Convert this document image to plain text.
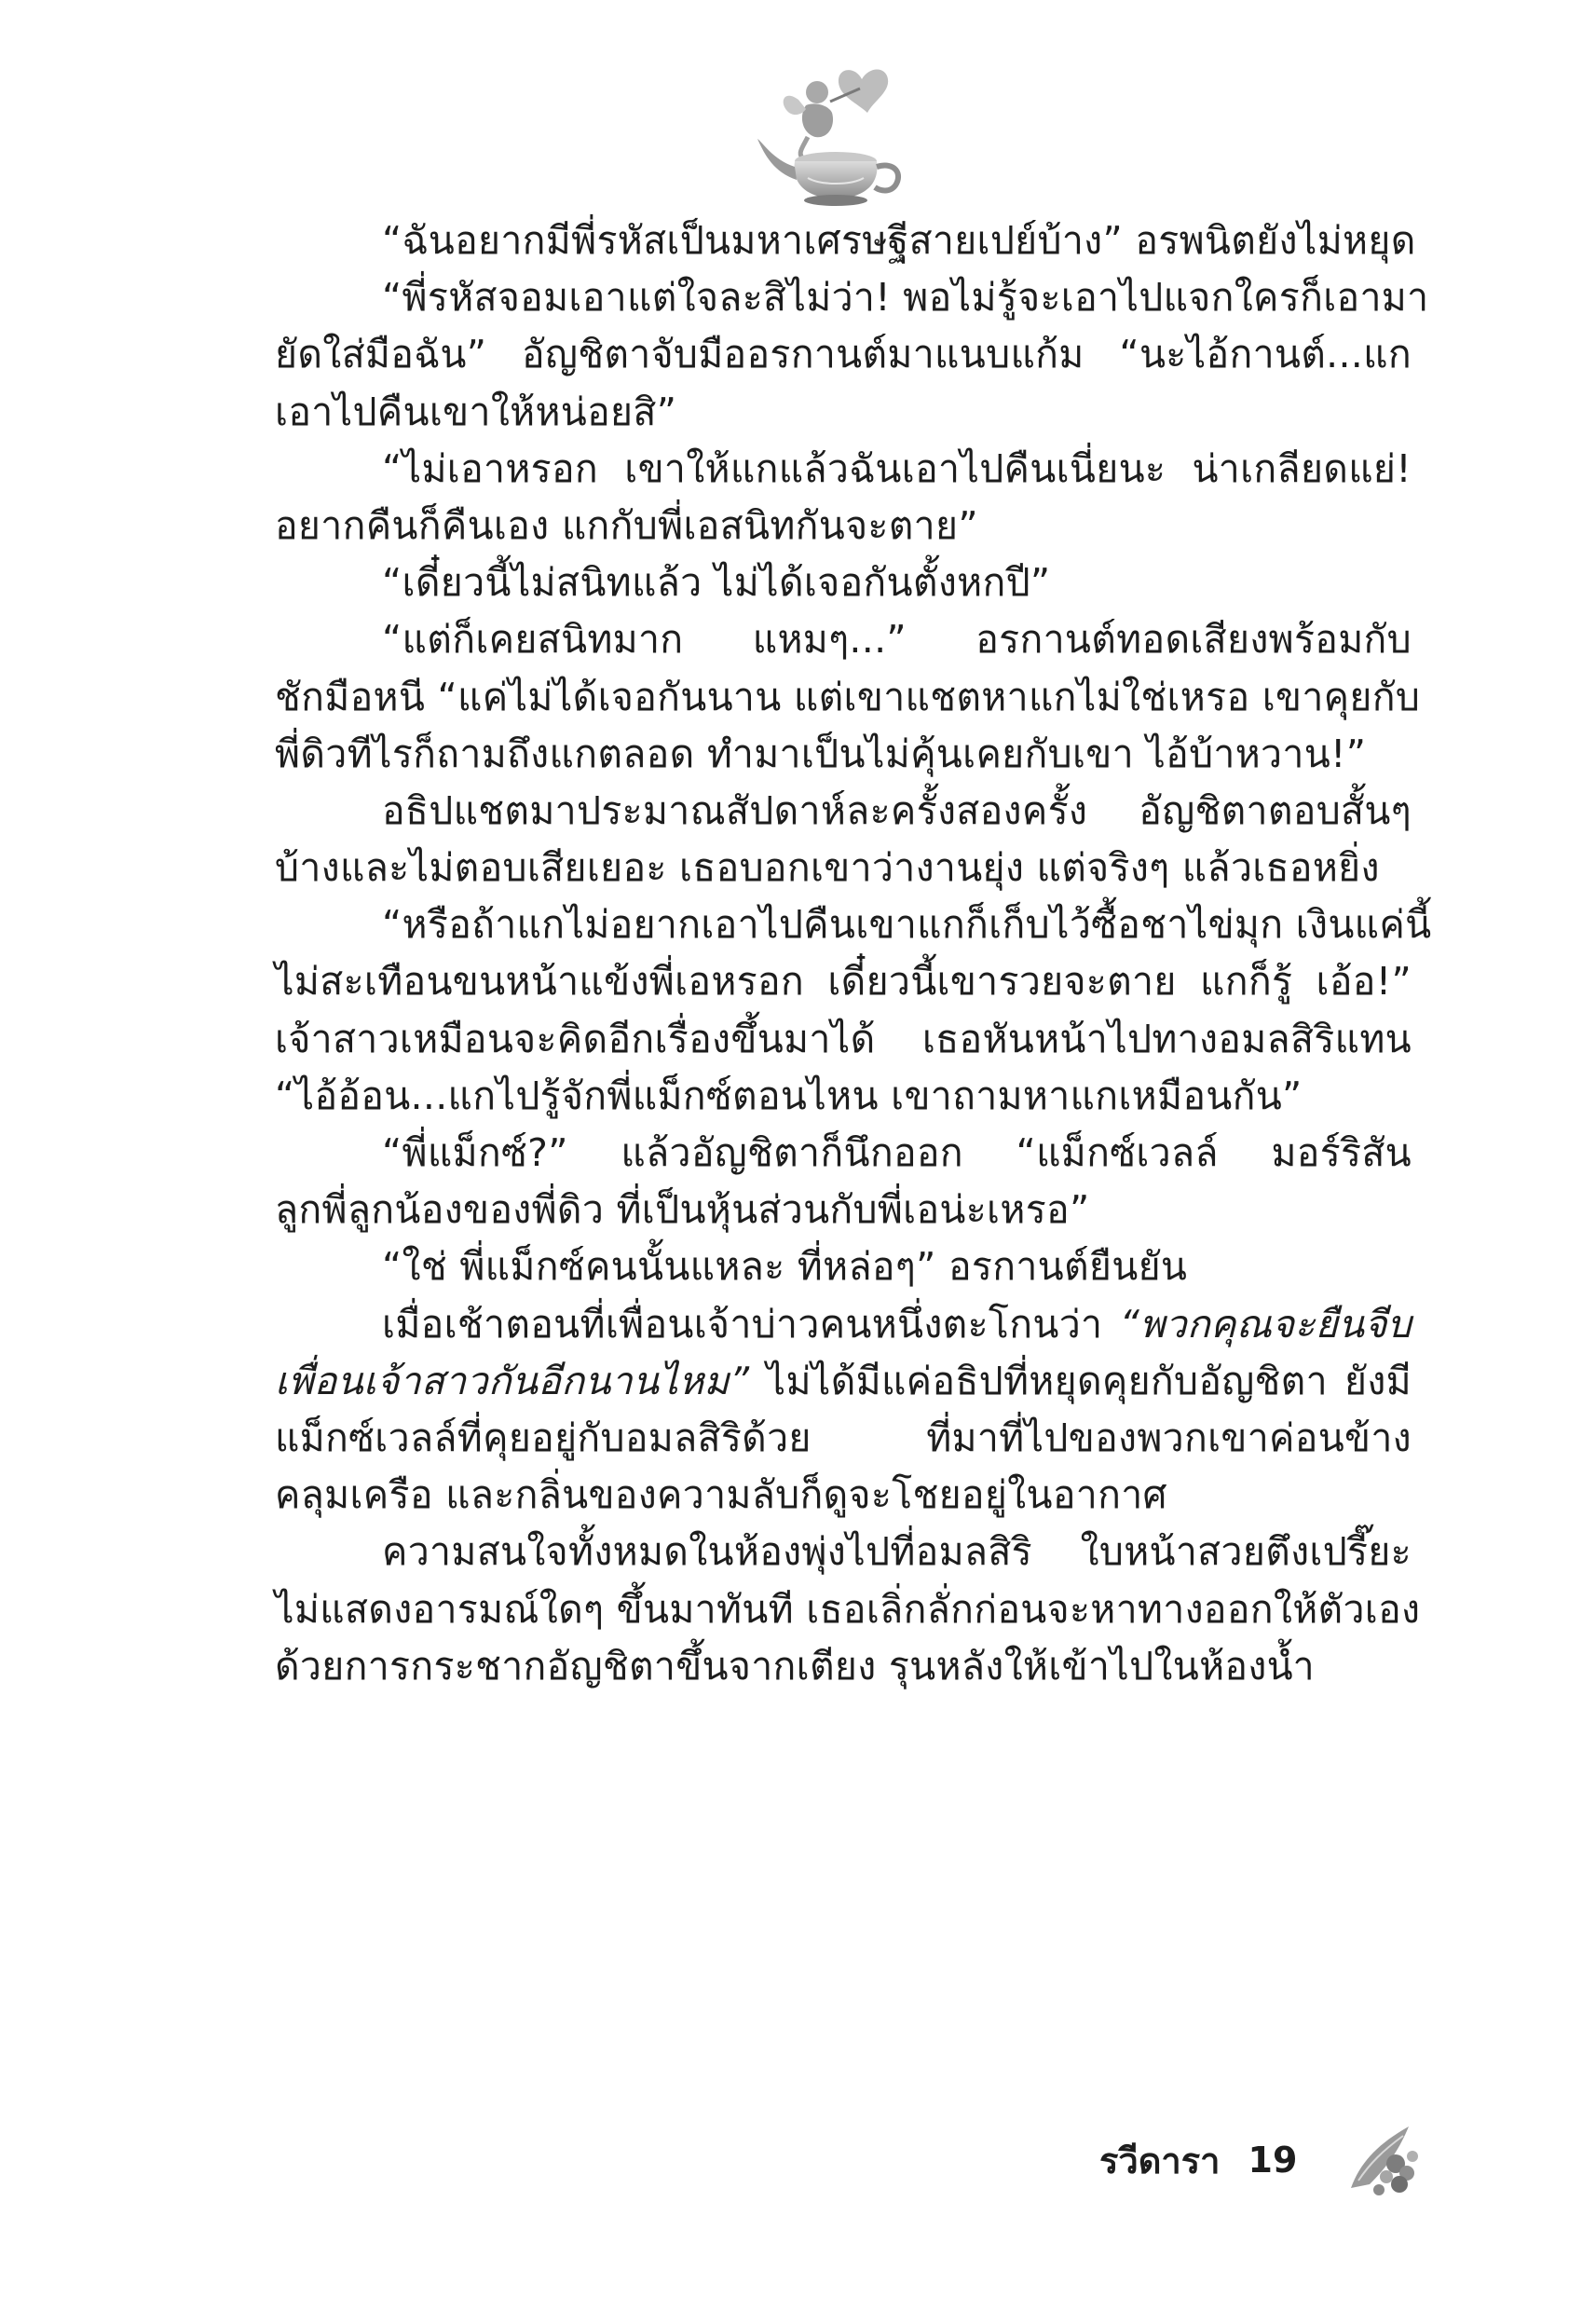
“ฉันอยากมีพี่รหัสเป็นมหาเศรษฐีสายเปย์บ้าง” อรพนิตยังไม่หยุด
“พี่รหัสจอมเอาแต่ใจละสิไม่ว่า! พอไม่รู้จะเอาไปแจกใครก็เอามา
ยัดใส่มือฉัน” อัญชิตาจับมืออรกานต์มาแนบแก้ม “นะไอ้กานต์...แก
เอาไปคืนเขาให้หน่อยสิ”
“ไม่เอาหรอก เขาให้แกแล้วฉันเอาไปคืนเนี่ยนะ น่าเกลียดแย่!
อยากคืนก็คืนเอง แกกับพี่เอสนิทกันจะตาย”
“เดี๋ยวนี้ไม่สนิทแล้ว ไม่ได้เจอกันตั้งหกปี”
“แต่ก็เคยสนิทมาก แหมๆ...” อรกานต์ทอดเสียงพร้อมกับ
ชักมือหนี “แค่ไม่ได้เจอกันนาน แต่เขาแชตหาแกไม่ใช่เหรอ เขาคุยกับ
พี่ดิวทีไรก็ถามถึงแกตลอด ทำมาเป็นไม่คุ้นเคยกับเขา ไอ้บ้าหวาน!”
อธิปแชตมาประมาณสัปดาห์ละครั้งสองครั้ง อัญชิตาตอบสั้นๆ
บ้างและไม่ตอบเสียเยอะ เธอบอกเขาว่างานยุ่ง แต่จริงๆ แล้วเธอหยิ่ง
“หรือถ้าแกไม่อยากเอาไปคืนเขาแกก็เก็บไว้ซื้อชาไข่มุก เงินแค่นี้
ไม่สะเทือนขนหน้าแข้งพี่เอหรอก เดี๋ยวนี้เขารวยจะตาย แกก็รู้ เอ้อ!”
เจ้าสาวเหมือนจะคิดอีกเรื่องขึ้นมาได้ เธอหันหน้าไปทางอมลสิริแทน
“ไอ้อ้อน...แกไปรู้จักพี่แม็กซ์ตอนไหน เขาถามหาแกเหมือนกัน”
“พี่แม็กซ์?” แล้วอัญชิตาก็นึกออก “แม็กซ์เวลล์ มอร์ริสัน
ลูกพี่ลูกน้องของพี่ดิว ที่เป็นหุ้นส่วนกับพี่เอน่ะเหรอ”
“ใช่ พี่แม็กซ์คนนั้นแหละ ที่หล่อๆ” อรกานต์ยืนยัน
เมื่อเช้าตอนที่เพื่อนเจ้าบ่าวคนหนึ่งตะโกนว่า “พวกคุณจะยืนจีบ
เพื่อนเจ้าสาวกันอีกนานไหม” ไม่ได้มีแค่อธิปที่หยุดคุยกับอัญชิตา ยังมี
แม็กซ์เวลล์ที่คุยอยู่กับอมลสิริด้วย ที่มาที่ไปของพวกเขาค่อนข้าง
คลุมเครือ และกลิ่นของความลับก็ดูจะโชยอยู่ในอากาศ
ความสนใจทั้งหมดในห้องพุ่งไปที่อมลสิริ ใบหน้าสวยตึงเปรี๊ยะ
ไม่แสดงอารมณ์ใดๆ ขึ้นมาทันที เธอเลิ่กลั่กก่อนจะหาทางออกให้ตัวเอง
ด้วยการกระชากอัญชิตาขึ้นจากเตียง รุนหลังให้เข้าไปในห้องน้ำ
รวีดารา 19
